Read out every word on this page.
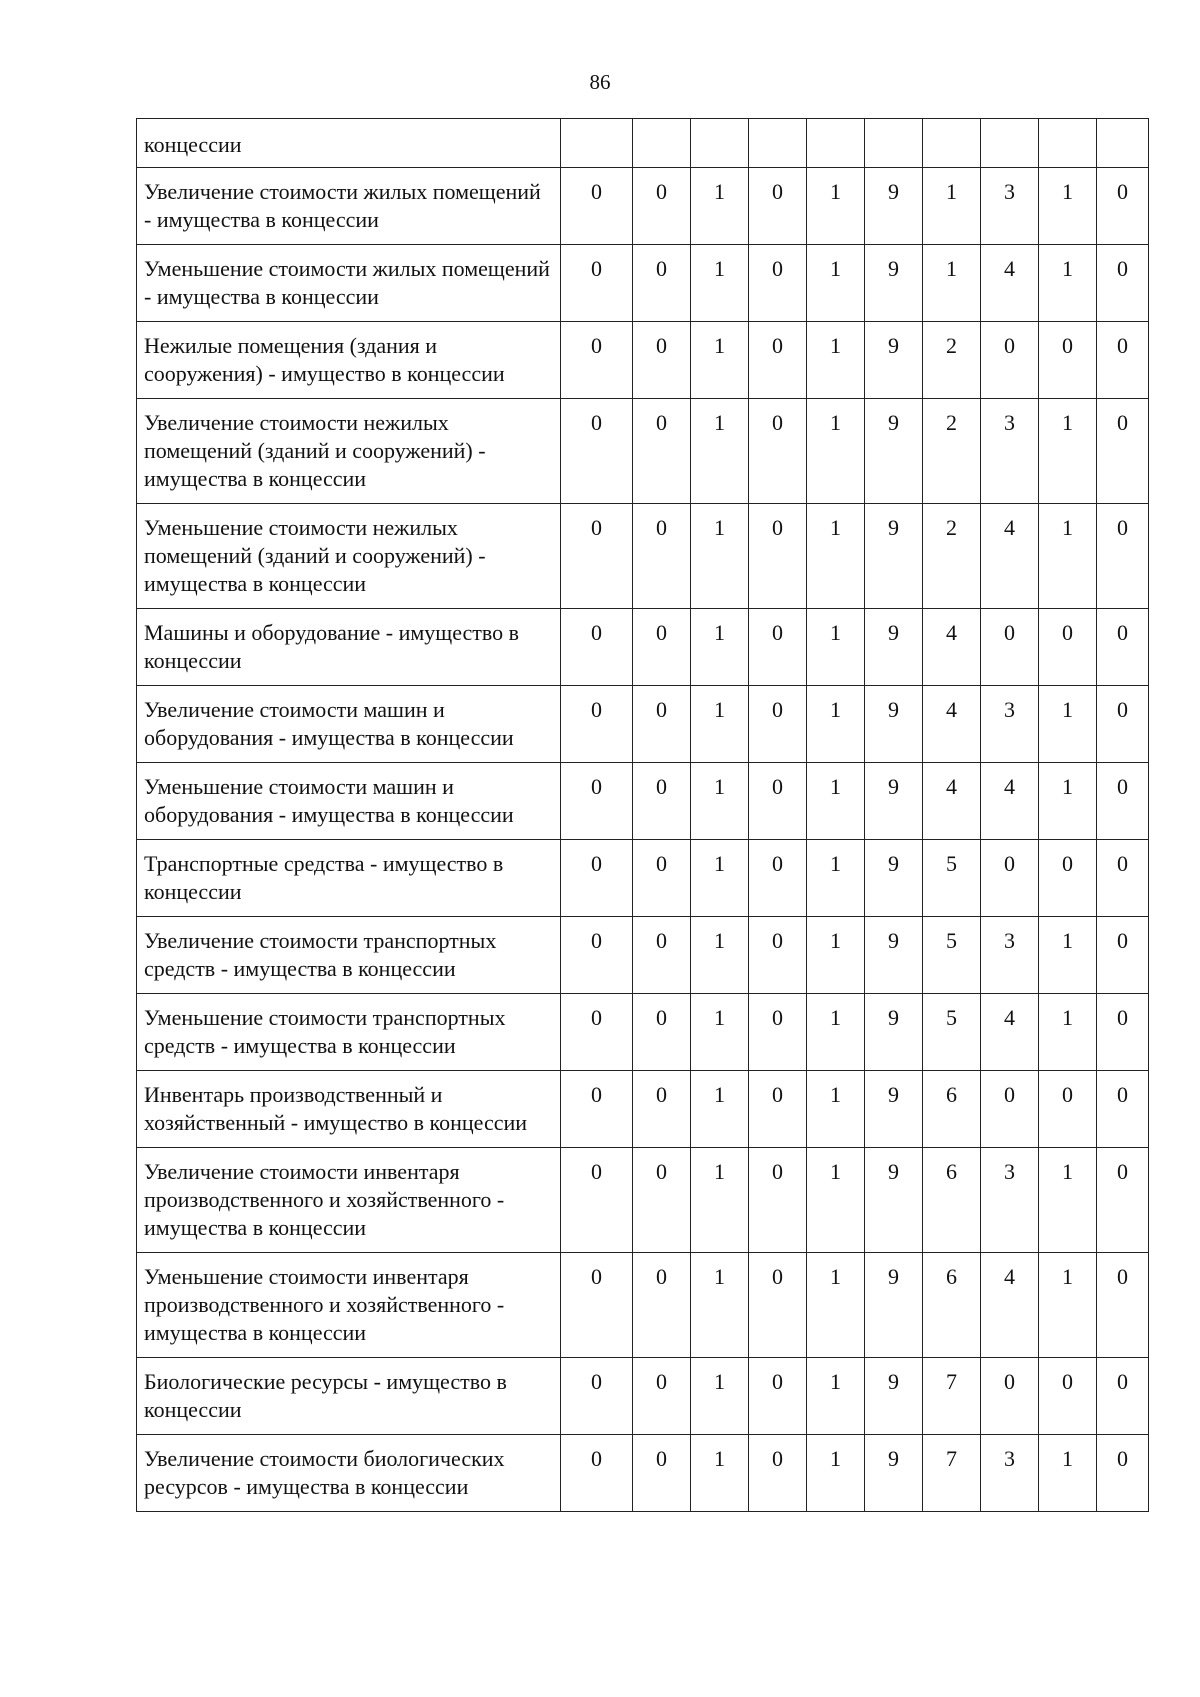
86
концессии										
Увеличение стоимости жилых помещений - имущества в концессии	0	0	1	0	1	9	1	3	1	0
Уменьшение стоимости жилых помещений - имущества в концессии	0	0	1	0	1	9	1	4	1	0
Нежилые помещения (здания и сооружения) - имущество в концессии	0	0	1	0	1	9	2	0	0	0
Увеличение стоимости нежилых помещений (зданий и сооружений) - имущества в концессии	0	0	1	0	1	9	2	3	1	0
Уменьшение стоимости нежилых помещений (зданий и сооружений) - имущества в концессии	0	0	1	0	1	9	2	4	1	0
Машины и оборудование - имущество в концессии	0	0	1	0	1	9	4	0	0	0
Увеличение стоимости машин и оборудования - имущества в концессии	0	0	1	0	1	9	4	3	1	0
Уменьшение стоимости машин и оборудования - имущества в концессии	0	0	1	0	1	9	4	4	1	0
Транспортные средства - имущество в концессии	0	0	1	0	1	9	5	0	0	0
Увеличение стоимости транспортных средств - имущества в концессии	0	0	1	0	1	9	5	3	1	0
Уменьшение стоимости транспортных средств - имущества в концессии	0	0	1	0	1	9	5	4	1	0
Инвентарь производственный и хозяйственный - имущество в концессии	0	0	1	0	1	9	6	0	0	0
Увеличение стоимости инвентаря производственного и хозяйственного - имущества в концессии	0	0	1	0	1	9	6	3	1	0
Уменьшение стоимости инвентаря производственного и хозяйственного - имущества в концессии	0	0	1	0	1	9	6	4	1	0
Биологические ресурсы - имущество в концессии	0	0	1	0	1	9	7	0	0	0
Увеличение стоимости биологических ресурсов - имущества в концессии	0	0	1	0	1	9	7	3	1	0
